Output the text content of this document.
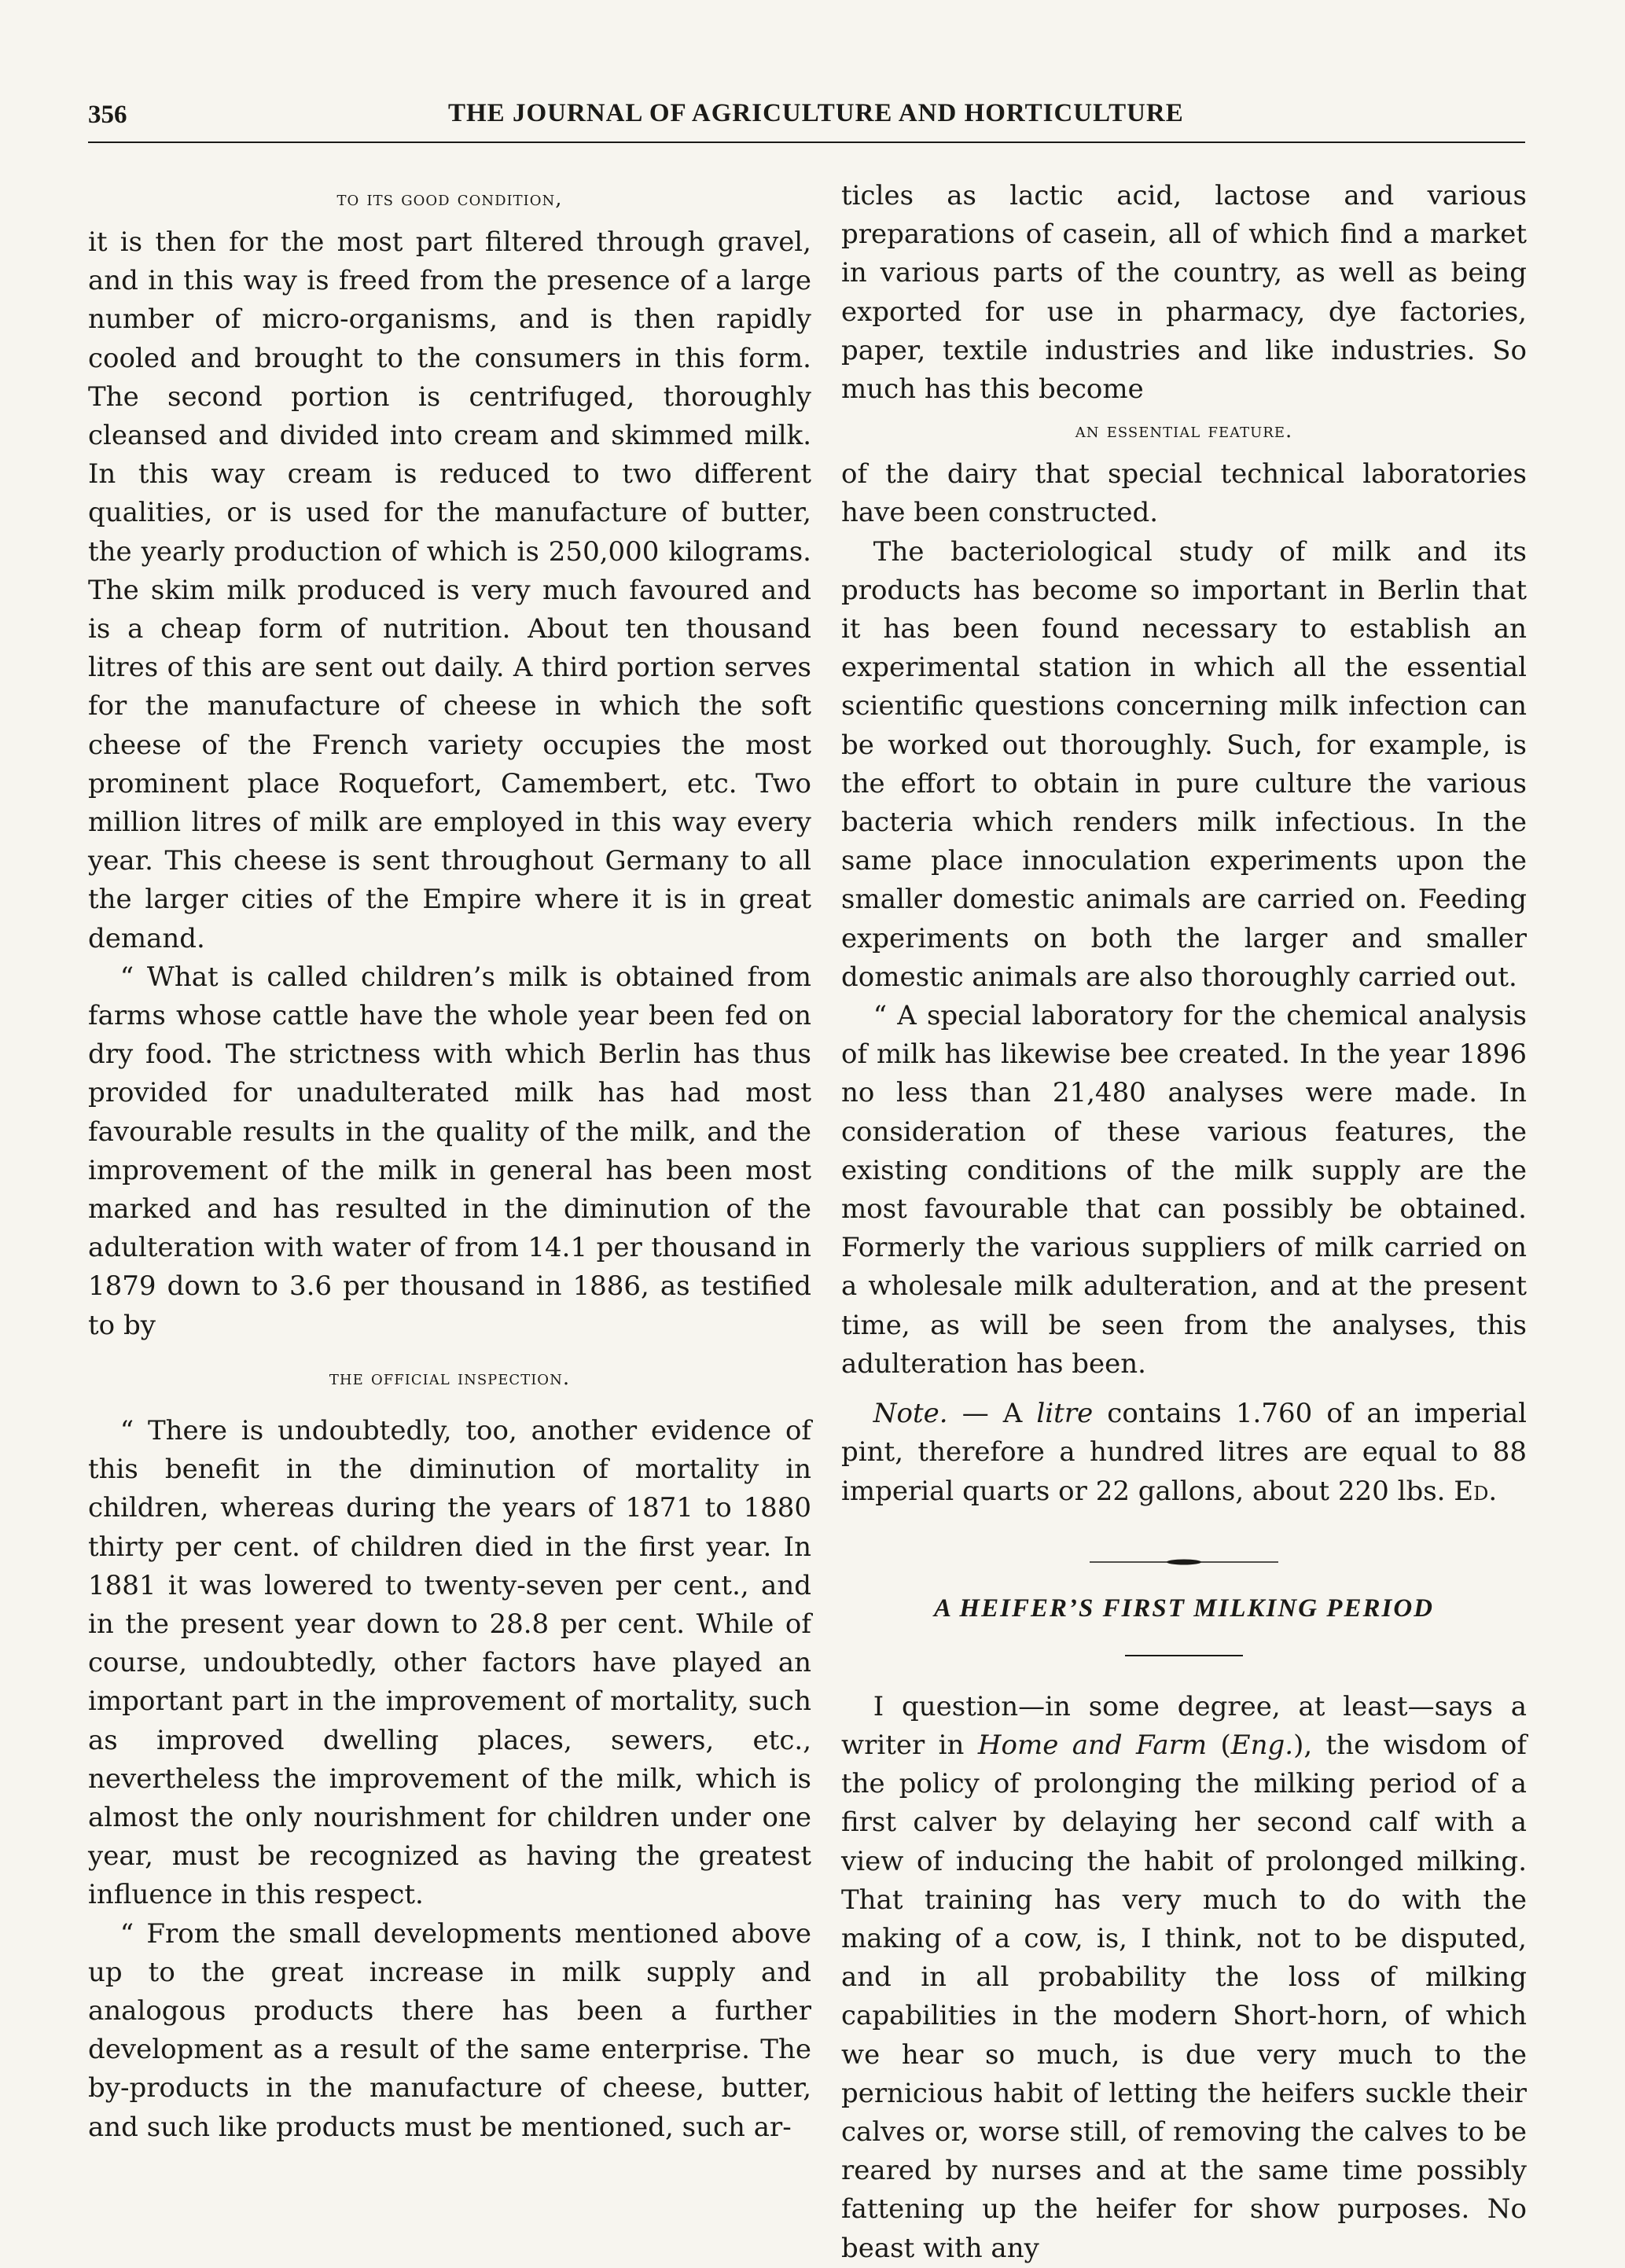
356	THE JOURNAL OF AGRICULTURE AND HORTICULTURE
to its good condition,

it is then for the most part filtered through gravel, and in this way is freed from the presence of a large number of micro-organisms, and is then rapidly cooled and brought to the consumers in this form. The second portion is centrifuged, thoroughly cleansed and divided into cream and skimmed milk. In this way cream is reduced to two different qualities, or is used for the manufacture of butter, the yearly production of which is 250,000 kilograms. The skim milk produced is very much favoured and is a cheap form of nutrition. About ten thousand litres of this are sent out daily. A third portion serves for the manufacture of cheese in which the soft cheese of the French variety occupies the most prominent place Roquefort, Camembert, etc. Two million litres of milk are employed in this way every year. This cheese is sent throughout Germany to all the larger cities of the Empire where it is in great demand.

“ What is called children’s milk is obtained from farms whose cattle have the whole year been fed on dry food. The strictness with which Berlin has thus provided for unadulterated milk has had most favourable results in the quality of the milk, and the improvement of the milk in general has been most marked and has resulted in the diminution of the adulteration with water of from 14.1 per thousand in 1879 down to 3.6 per thousand in 1886, as testified to by

the official inspection.

“ There is undoubtedly, too, another evidence of this benefit in the diminution of mortality in children, whereas during the years of 1871 to 1880 thirty per cent. of children died in the first year. In 1881 it was lowered to twenty-seven per cent., and in the present year down to 28.8 per cent. While of course, undoubtedly, other factors have played an important part in the improvement of mortality, such as improved dwelling places, sewers, etc., nevertheless the improvement of the milk, which is almost the only nourishment for children under one year, must be recognized as having the greatest influence in this respect.

“ From the small developments mentioned above up to the great increase in milk supply and analogous products there has been a further development as a result of the same enterprise. The by-products in the manufacture of cheese, butter, and such like products must be mentioned, such ar-

ticles as lactic acid, lactose and various preparations of casein, all of which find a market in various parts of the country, as well as being exported for use in pharmacy, dye factories, paper, textile industries and like industries. So much has this become

an essential feature.

of the dairy that special technical laboratories have been constructed.

The bacteriological study of milk and its products has become so important in Berlin that it has been found necessary to establish an experimental station in which all the essential scientific questions concerning milk infection can be worked out thoroughly. Such, for example, is the effort to obtain in pure culture the various bacteria which renders milk infectious. In the same place innoculation experiments upon the smaller domestic animals are carried on. Feeding experiments on both the larger and smaller domestic animals are also thoroughly carried out.

“ A special laboratory for the chemical analysis of milk has likewise bee created. In the year 1896 no less than 21,480 analyses were made. In consideration of these various features, the existing conditions of the milk supply are the most favourable that can possibly be obtained. Formerly the various suppliers of milk carried on a wholesale milk adulteration, and at the present time, as will be seen from the analyses, this adulteration has been.

Note. — A litre contains 1.760 of an imperial pint, therefore a hundred litres are equal to 88 imperial quarts or 22 gallons, about 220 lbs. Ed.

A HEIFER’S FIRST MILKING PERIOD

I question—in some degree, at least—says a writer in Home and Farm (Eng.), the wisdom of the policy of prolonging the milking period of a first calver by delaying her second calf with a view of inducing the habit of prolonged milking. That training has very much to do with the making of a cow, is, I think, not to be disputed, and in all probability the loss of milking capabilities in the modern Short-horn, of which we hear so much, is due very much to the pernicious habit of letting the heifers suckle their calves or, worse still, of removing the calves to be reared by nurses and at the same time possibly fattening up the heifer for show purposes. No beast with any
